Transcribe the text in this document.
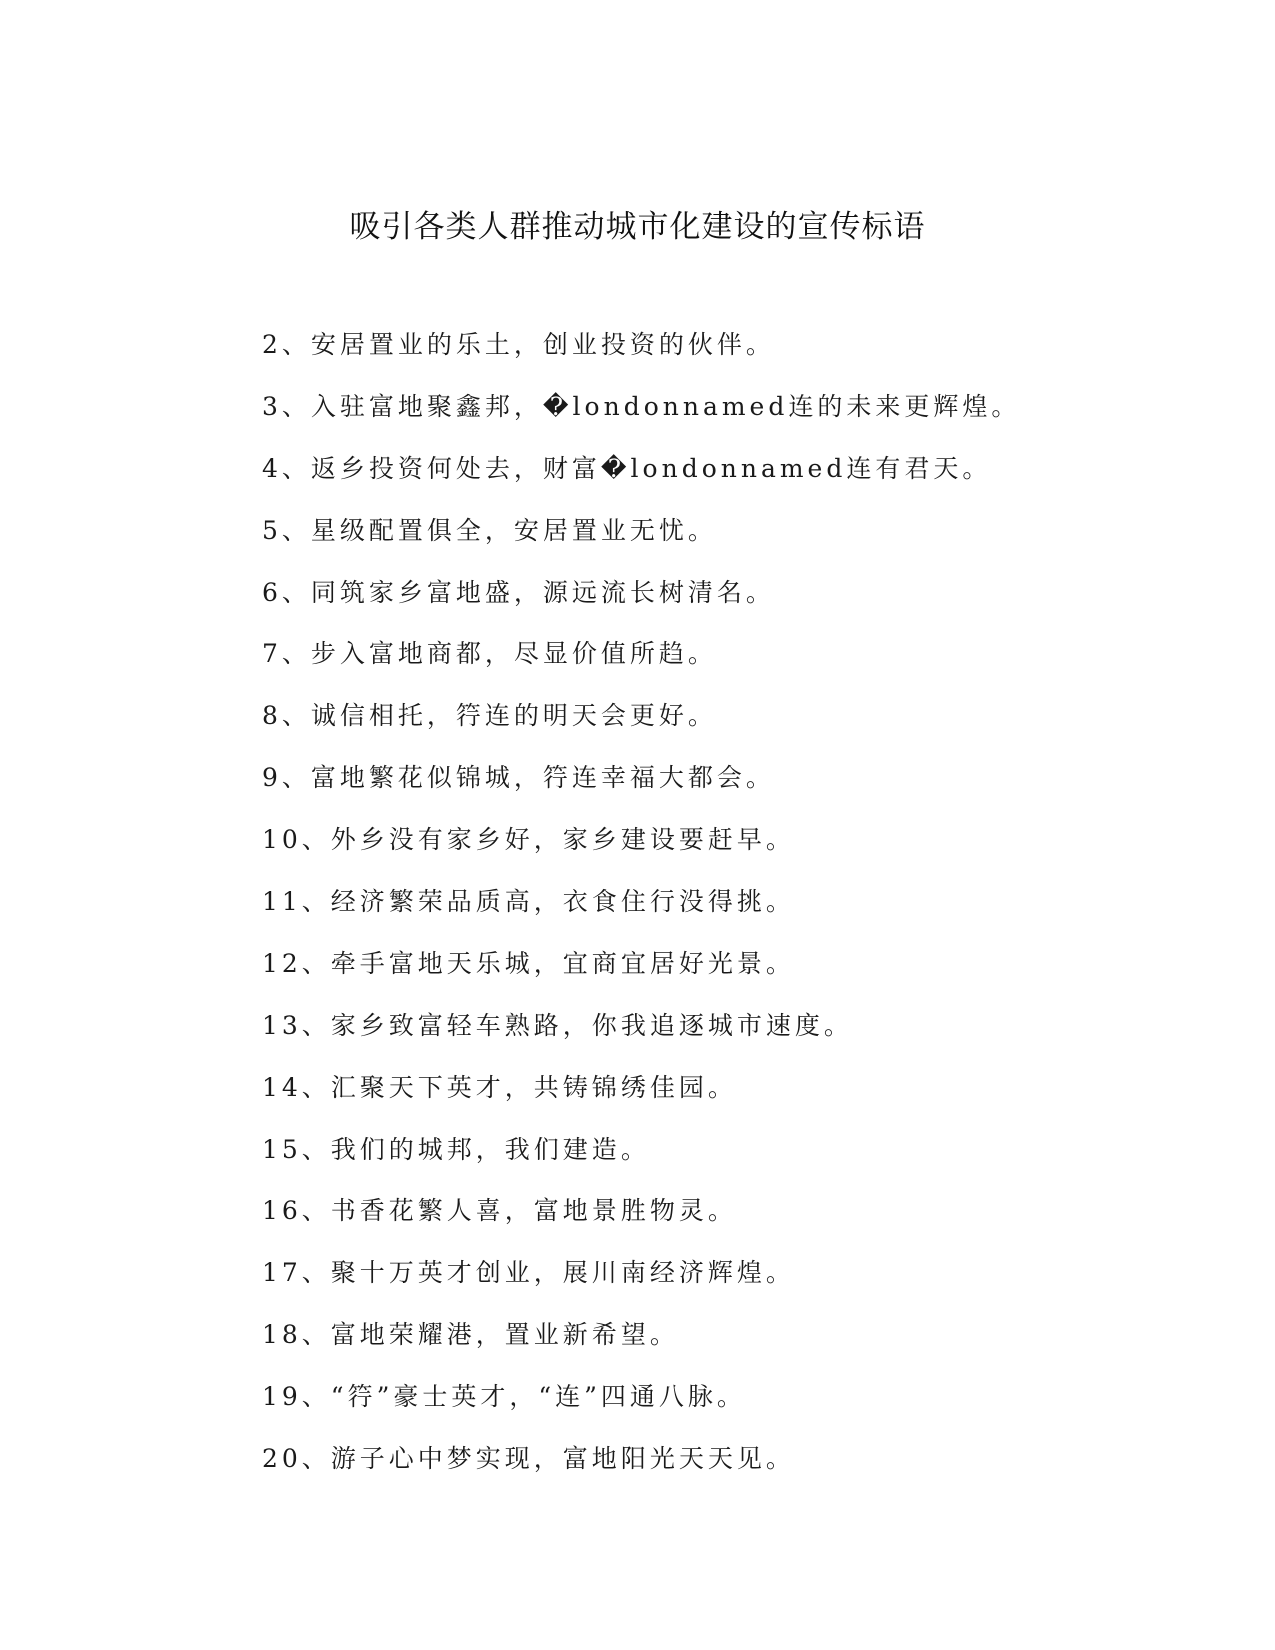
吸引各类人群推动城市化建设的宣传标语
2、安居置业的乐土，创业投资的伙伴。
3、入驻富地聚鑫邦，�londonnamed连的未来更辉煌。
4、返乡投资何处去，财富�londonnamed连有君天。
5、星级配置俱全，安居置业无忧。
6、同筑家乡富地盛，源远流长树清名。
7、步入富地商都，尽显价值所趋。
8、诚信相托，筕连的明天会更好。
9、富地繁花似锦城，筕连幸福大都会。
10、外乡没有家乡好，家乡建设要赶早。
11、经济繁荣品质高，衣食住行没得挑。
12、牵手富地天乐城，宜商宜居好光景。
13、家乡致富轻车熟路，你我追逐城市速度。
14、汇聚天下英才，共铸锦绣佳园。
15、我们的城邦，我们建造。
16、书香花繁人喜，富地景胜物灵。
17、聚十万英才创业，展川南经济辉煌。
18、富地荣耀港，置业新希望。
19、“筕”豪士英才，“连”四通八脉。
20、游子心中梦实现，富地阳光天天见。
